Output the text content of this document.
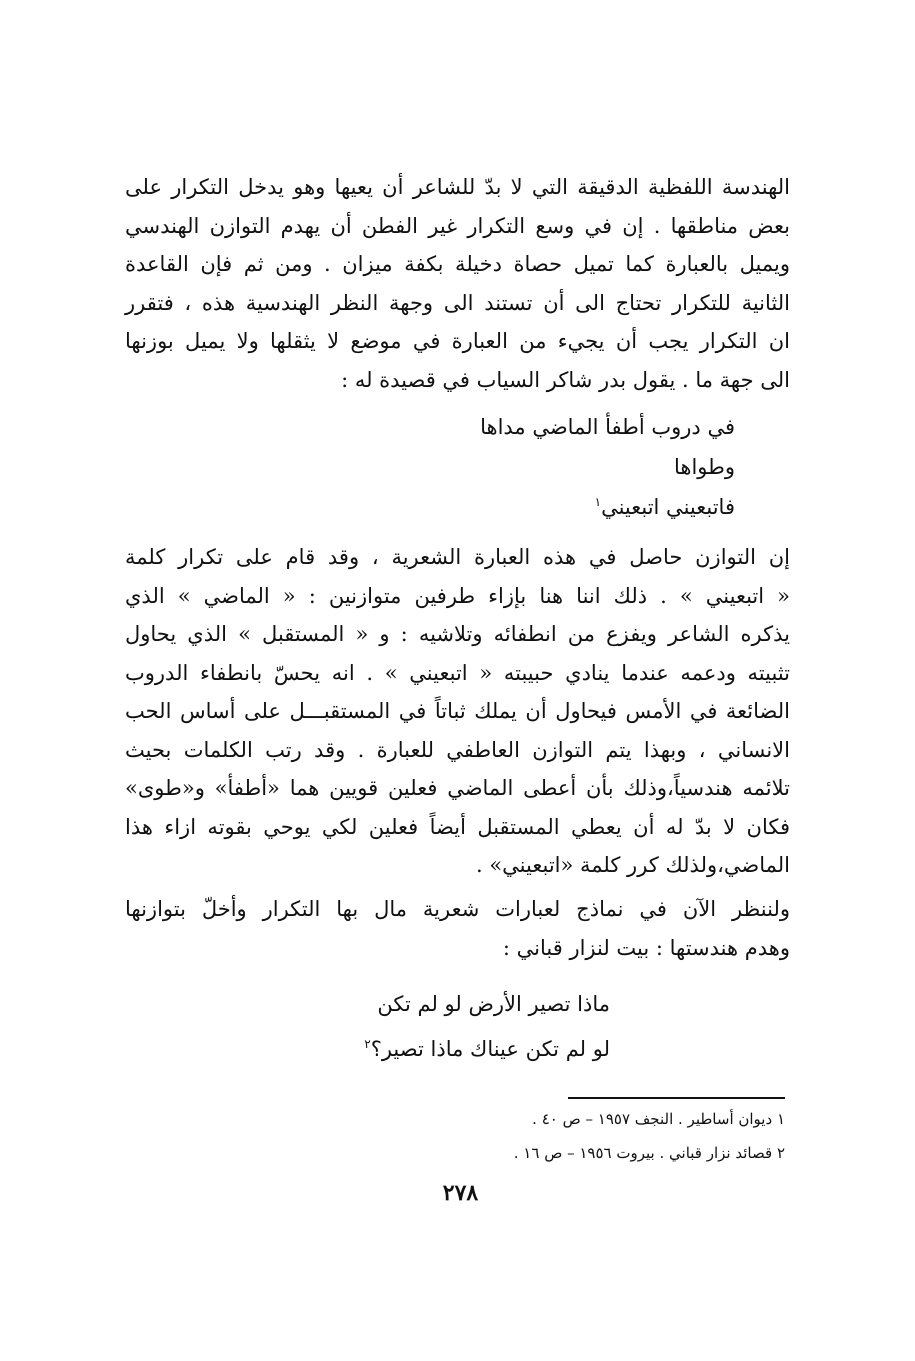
الهندسة اللفظية الدقيقة التي لا بدّ للشاعر أن يعيها وهو يدخل التكرار على
بعض مناطقها . إن في وسع التكرار غير الفطن أن يهدم التوازن الهندسي
ويميل بالعبارة كما تميل حصاة دخيلة بكفة ميزان . ومن ثم فإن القاعدة
الثانية للتكرار تحتاج الى أن تستند الى وجهة النظر الهندسية هذه ، فتقرر
ان التكرار يجب أن يجيء من العبارة في موضع لا يثقلها ولا يميل بوزنها
الى جهة ما . يقول بدر شاكر السياب في قصيدة له :
في دروب أطفأ الماضي مداها
وطواها
فاتبعيني اتبعيني$^١$
إن التوازن حاصل في هذه العبارة الشعرية ، وقد قام على تكرار كلمة
« اتبعيني » . ذلك اننا هنا بإزاء طرفين متوازنين : « الماضي » الذي
يذكره الشاعر ويفزع من انطفائه وتلاشيه : و « المستقبل » الذي يحاول
تثبيته ودعمه عندما ينادي حبيبته « اتبعيني » . انه يحسّ بانطفاء الدروب
الضائعة في الأمس فيحاول أن يملك ثباتاً في المستقبـــل على أساس الحب
الانساني ، وبهذا يتم التوازن العاطفي للعبارة . وقد رتب الكلمات بحيث
تلائمه هندسياً،وذلك بأن أعطى الماضي فعلين قويين هما «أطفأ» و«طوى»
فكان لا بدّ له أن يعطي المستقبل أيضاً فعلين لكي يوحي بقوته ازاء هذا
الماضي،ولذلك كرر كلمة «اتبعيني» .
ولننظر الآن في نماذج لعبارات شعرية مال بها التكرار وأخلّ بتوازنها
وهدم هندستها : بيت لنزار قباني :
ماذا تصير الأرض لو لم تكن
لو لم تكن عيناك ماذا تصير؟$^٢$
١ ديوان أساطير . النجف ١٩٥٧ – ص ٤٠ .
٢ قصائد نزار قباني . بيروت ١٩٥٦ – ص ١٦ .
٢٧٨
